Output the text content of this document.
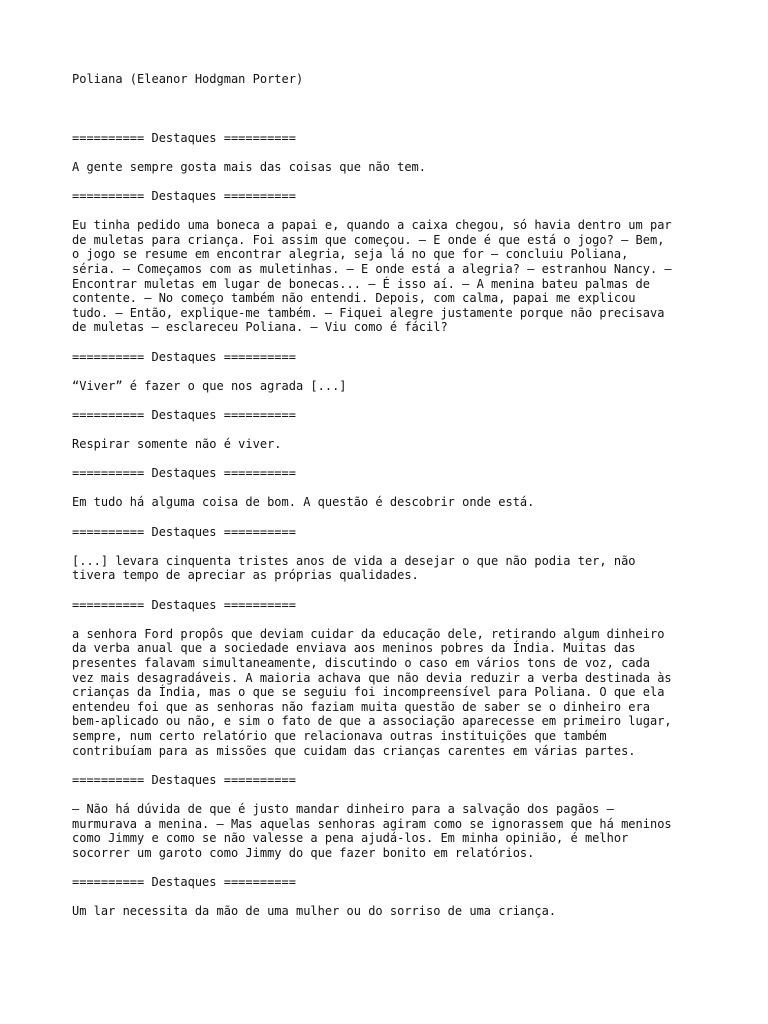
Poliana (Eleanor Hodgman Porter)
========== Destaques ==========
A gente sempre gosta mais das coisas que não tem.
========== Destaques ==========
Eu tinha pedido uma boneca a papai e, quando a caixa chegou, só havia dentro um par
de muletas para criança. Foi assim que começou. — E onde é que está o jogo? — Bem,
o jogo se resume em encontrar alegria, seja lá no que for — concluiu Poliana,
séria. — Começamos com as muletinhas. — E onde está a alegria? — estranhou Nancy. —
Encontrar muletas em lugar de bonecas... — É isso aí. — A menina bateu palmas de
contente. — No começo também não entendi. Depois, com calma, papai me explicou
tudo. — Então, explique-me também. — Fiquei alegre justamente porque não precisava
de muletas — esclareceu Poliana. — Viu como é fácil?
========== Destaques ==========
“Viver” é fazer o que nos agrada [...]
========== Destaques ==========
Respirar somente não é viver.
========== Destaques ==========
Em tudo há alguma coisa de bom. A questão é descobrir onde está.
========== Destaques ==========
[...] levara cinquenta tristes anos de vida a desejar o que não podia ter, não
tivera tempo de apreciar as próprias qualidades.
========== Destaques ==========
a senhora Ford propôs que deviam cuidar da educação dele, retirando algum dinheiro
da verba anual que a sociedade enviava aos meninos pobres da Índia. Muitas das
presentes falavam simultaneamente, discutindo o caso em vários tons de voz, cada
vez mais desagradáveis. A maioria achava que não devia reduzir a verba destinada às
crianças da Índia, mas o que se seguiu foi incompreensível para Poliana. O que ela
entendeu foi que as senhoras não faziam muita questão de saber se o dinheiro era
bem-aplicado ou não, e sim o fato de que a associação aparecesse em primeiro lugar,
sempre, num certo relatório que relacionava outras instituições que também
contribuíam para as missões que cuidam das crianças carentes em várias partes.
========== Destaques ==========
— Não há dúvida de que é justo mandar dinheiro para a salvação dos pagãos —
murmurava a menina. — Mas aquelas senhoras agiram como se ignorassem que há meninos
como Jimmy e como se não valesse a pena ajudá-los. Em minha opinião, é melhor
socorrer um garoto como Jimmy do que fazer bonito em relatórios.
========== Destaques ==========
Um lar necessita da mão de uma mulher ou do sorriso de uma criança.
